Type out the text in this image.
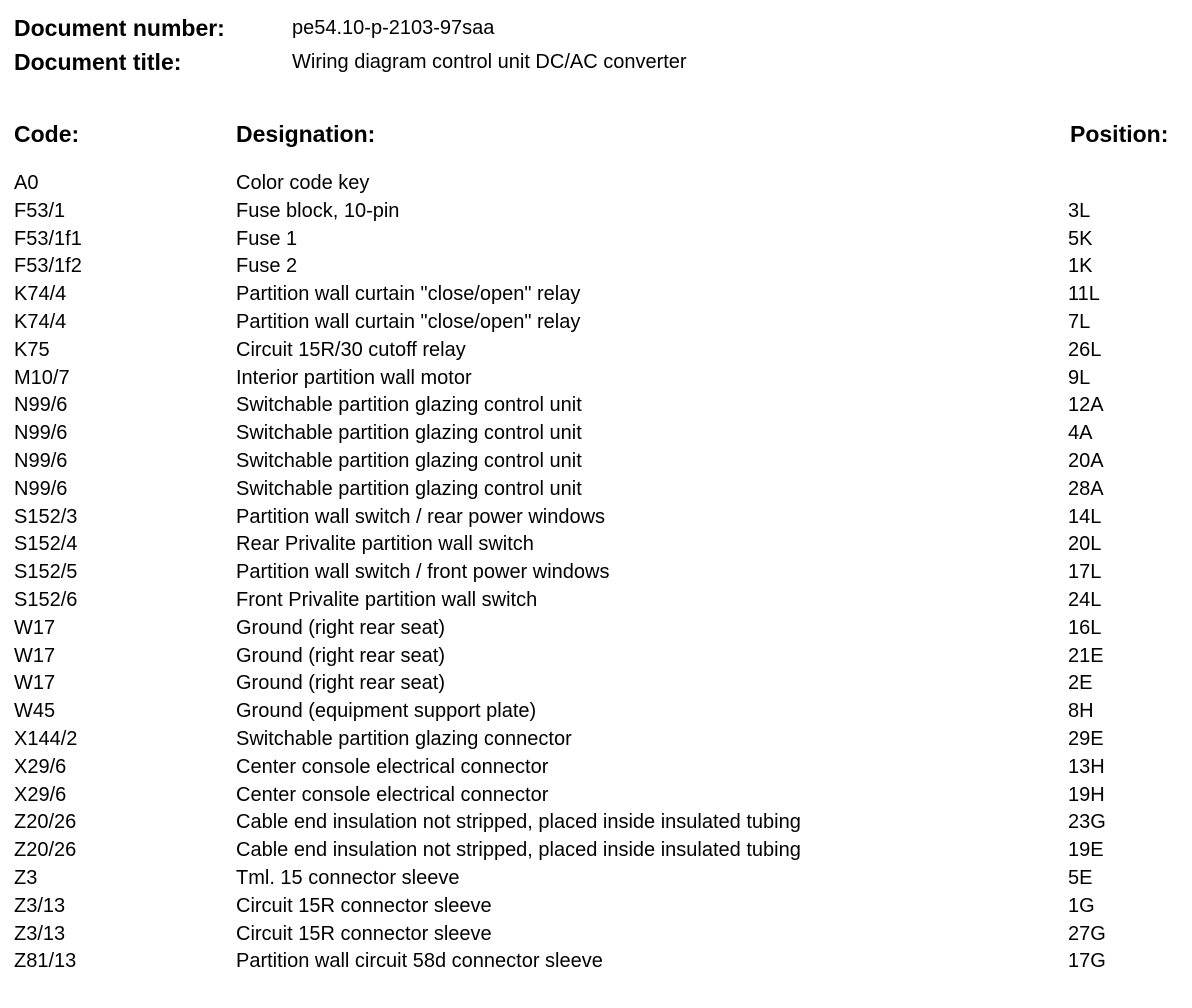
Document number:	pe54.10-p-2103-97saa
Document title:	Wiring diagram control unit DC/AC converter
Code:	Designation:	Position:
A0	Color code key
F53/1	Fuse block, 10-pin	3L
F53/1f1	Fuse 1	5K
F53/1f2	Fuse 2	1K
K74/4	Partition wall curtain "close/open" relay	11L
K74/4	Partition wall curtain "close/open" relay	7L
K75	Circuit 15R/30 cutoff relay	26L
M10/7	Interior partition wall motor	9L
N99/6	Switchable partition glazing control unit	12A
N99/6	Switchable partition glazing control unit	4A
N99/6	Switchable partition glazing control unit	20A
N99/6	Switchable partition glazing control unit	28A
S152/3	Partition wall switch / rear power windows	14L
S152/4	Rear Privalite partition wall switch	20L
S152/5	Partition wall switch / front power windows	17L
S152/6	Front Privalite partition wall switch	24L
W17	Ground (right rear seat)	16L
W17	Ground (right rear seat)	21E
W17	Ground (right rear seat)	2E
W45	Ground (equipment support plate)	8H
X144/2	Switchable partition glazing connector	29E
X29/6	Center console electrical connector	13H
X29/6	Center console electrical connector	19H
Z20/26	Cable end insulation not stripped, placed inside insulated tubing	23G
Z20/26	Cable end insulation not stripped, placed inside insulated tubing	19E
Z3	Tml. 15 connector sleeve	5E
Z3/13	Circuit 15R connector sleeve	1G
Z3/13	Circuit 15R connector sleeve	27G
Z81/13	Partition wall circuit 58d connector sleeve	17G
